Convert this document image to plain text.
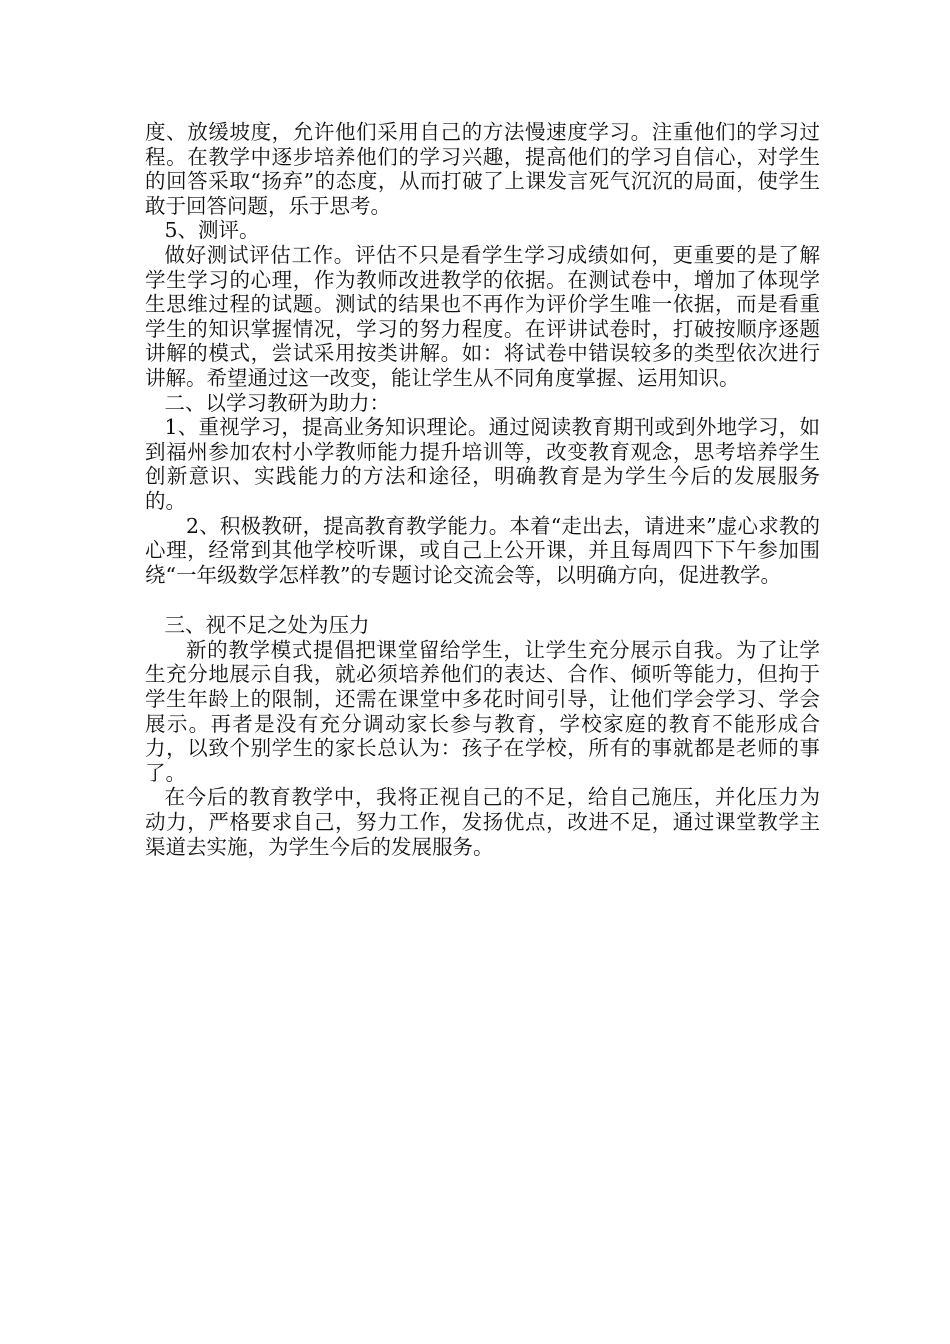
度、放缓坡度，允许他们采用自己的方法慢速度学习。注重他们的学习过程。在教学中逐步培养他们的学习兴趣，提高他们的学习自信心，对学生的回答采取“扬弃”的态度，从而打破了上课发言死气沉沉的局面，使学生敢于回答问题，乐于思考。

5、测评。

做好测试评估工作。评估不只是看学生学习成绩如何，更重要的是了解学生学习的心理，作为教师改进教学的依据。在测试卷中，增加了体现学生思维过程的试题。测试的结果也不再作为评价学生唯一依据，而是看重学生的知识掌握情况，学习的努力程度。在评讲试卷时，打破按顺序逐题讲解的模式，尝试采用按类讲解。如：将试卷中错误较多的类型依次进行讲解。希望通过这一改变，能让学生从不同角度掌握、运用知识。

二、以学习教研为助力：

1、重视学习，提高业务知识理论。通过阅读教育期刊或到外地学习，如到福州参加农村小学教师能力提升培训等，改变教育观念，思考培养学生创新意识、实践能力的方法和途径，明确教育是为学生今后的发展服务的。

2、积极教研，提高教育教学能力。本着“走出去，请进来”虚心求教的心理，经常到其他学校听课，或自己上公开课，并且每周四下下午参加围绕“一年级数学怎样教”的专题讨论交流会等，以明确方向，促进教学。

三、视不足之处为压力

新的教学模式提倡把课堂留给学生，让学生充分展示自我。为了让学生充分地展示自我，就必须培养他们的表达、合作、倾听等能力，但拘于学生年龄上的限制，还需在课堂中多花时间引导，让他们学会学习、学会展示。再者是没有充分调动家长参与教育，学校家庭的教育不能形成合力，以致个别学生的家长总认为：孩子在学校，所有的事就都是老师的事了。

在今后的教育教学中，我将正视自己的不足，给自己施压，并化压力为动力，严格要求自己，努力工作，发扬优点，改进不足，通过课堂教学主渠道去实施，为学生今后的发展服务。
